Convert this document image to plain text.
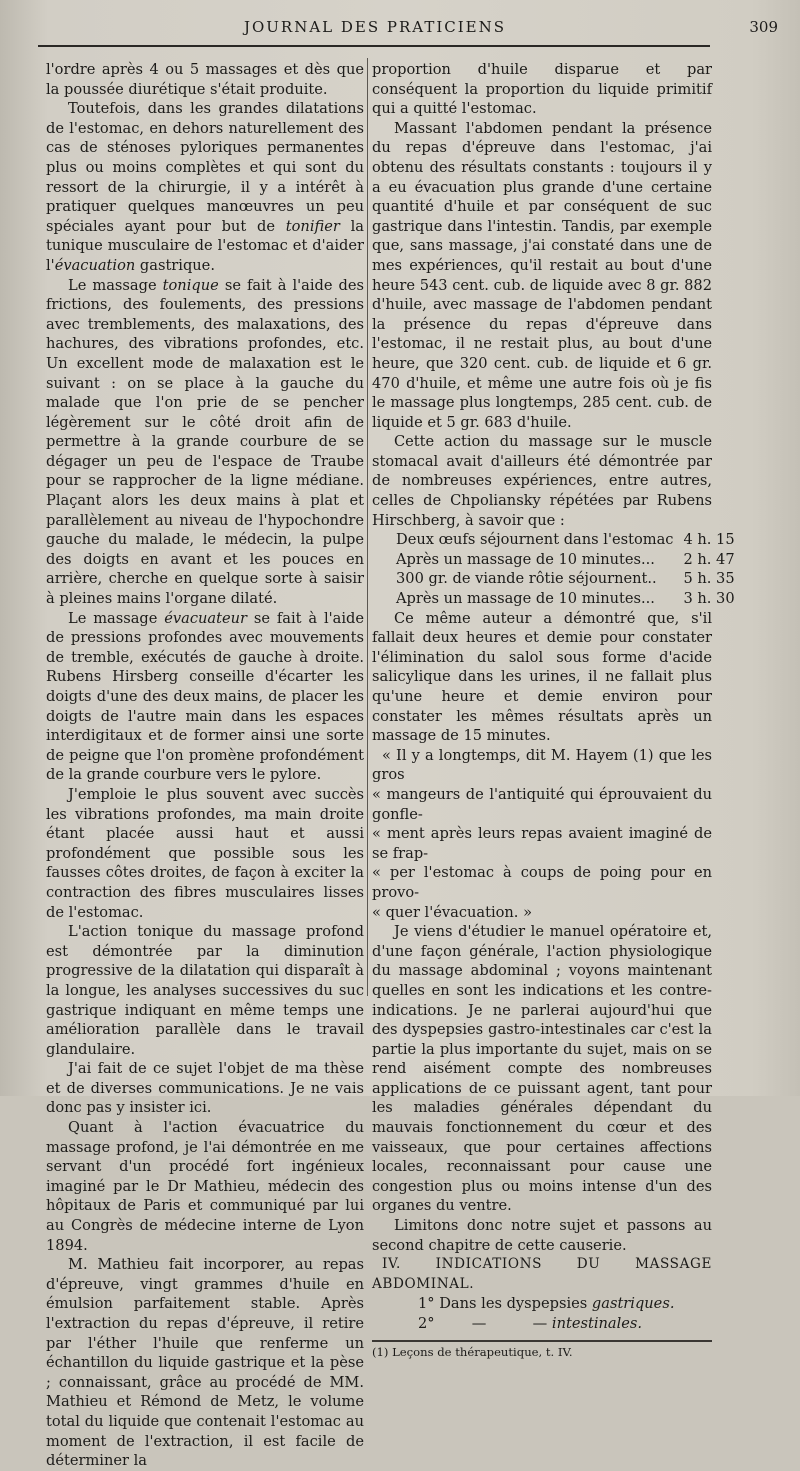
JOURNAL DES PRATICIENS	309

l'ordre après 4 ou 5 massages et dès que la poussée diurétique s'était produite.

Toutefois, dans les grandes dilatations de l'estomac, en dehors naturellement des cas de sténoses pyloriques permanentes plus ou moins complètes et qui sont du ressort de la chirurgie, il y a intérêt à pratiquer quelques manœuvres un peu spéciales ayant pour but de tonifier la tunique musculaire de l'estomac et d'aider l'évacuation gastrique.

Le massage tonique se fait à l'aide des frictions, des foulements, des pressions avec tremblements, des malaxations, des hachures, des vibrations profondes, etc. Un excellent mode de malaxation est le suivant : on se place à la gauche du malade que l'on prie de se pencher légèrement sur le côté droit afin de permettre à la grande courbure de se dégager un peu de l'espace de Traube pour se rapprocher de la ligne médiane. Plaçant alors les deux mains à plat et parallèlement au niveau de l'hypochondre gauche du malade, le médecin, la pulpe des doigts en avant et les pouces en arrière, cherche en quelque sorte à saisir à pleines mains l'organe dilaté.

Le massage évacuateur se fait à l'aide de pressions profondes avec mouvements de tremble, exécutés de gauche à droite. Rubens Hirsberg conseille d'écarter les doigts d'une des deux mains, de placer les doigts de l'autre main dans les espaces interdigitaux et de former ainsi une sorte de peigne que l'on promène profondément de la grande courbure vers le pylore.

J'emploie le plus souvent avec succès les vibrations profondes, ma main droite étant placée aussi haut et aussi profondément que possible sous les fausses côtes droites, de façon à exciter la contraction des fibres musculaires lisses de l'estomac.

L'action tonique du massage profond est démontrée par la diminution progressive de la dilatation qui disparaît à la longue, les analyses successives du suc gastrique indiquant en même temps une amélioration parallèle dans le travail glandulaire.

J'ai fait de ce sujet l'objet de ma thèse et de diverses communications. Je ne vais donc pas y insister ici.

Quant à l'action évacuatrice du massage profond, je l'ai démontrée en me servant d'un procédé fort ingénieux imaginé par le Dr Mathieu, médecin des hôpitaux de Paris et communiqué par lui au Congrès de médecine interne de Lyon 1894.

M. Mathieu fait incorporer, au repas d'épreuve, vingt grammes d'huile en émulsion parfaitement stable. Après l'extraction du repas d'épreuve, il retire par l'éther l'huile que renferme un échantillon du liquide gastrique et la pèse ; connaissant, grâce au procédé de MM. Mathieu et Rémond de Metz, le volume total du liquide que contenait l'estomac au moment de l'extraction, il est facile de déterminer la

proportion d'huile disparue et par conséquent la proportion du liquide primitif qui a quitté l'estomac.

Massant l'abdomen pendant la présence du repas d'épreuve dans l'estomac, j'ai obtenu des résultats constants : toujours il y a eu évacuation plus grande d'une certaine quantité d'huile et par conséquent de suc gastrique dans l'intestin. Tandis, par exemple que, sans massage, j'ai constaté dans une de mes expériences, qu'il restait au bout d'une heure 543 cent. cub. de liquide avec 8 gr. 882 d'huile, avec massage de l'abdomen pendant la présence du repas d'épreuve dans l'estomac, il ne restait plus, au bout d'une heure, que 320 cent. cub. de liquide et 6 gr. 470 d'huile, et même une autre fois où je fis le massage plus longtemps, 285 cent. cub. de liquide et 5 gr. 683 d'huile.

Cette action du massage sur le muscle stomacal avait d'ailleurs été démontrée par de nombreuses expériences, entre autres, celles de Chpoliansky répétées par Rubens Hirschberg, à savoir que :

Deux œufs séjournent dans l'estomac	4 h. 15
Après un massage de 10 minutes...	2 h. 47
300 gr. de viande rôtie séjournent..	5 h. 35
Après un massage de 10 minutes...	3 h. 30

Ce même auteur a démontré que, s'il fallait deux heures et demie pour constater l'élimination du salol sous forme d'acide salicylique dans les urines, il ne fallait plus qu'une heure et demie environ pour constater les mêmes résultats après un massage de 15 minutes.

« Il y a longtemps, dit M. Hayem (1) que les gros

« mangeurs de l'antiquité qui éprouvaient du gonfle-

« ment après leurs repas avaient imaginé de se frap-

« per l'estomac à coups de poing pour en provo-

« quer l'évacuation. »

Je viens d'étudier le manuel opératoire et, d'une façon générale, l'action physiologique du massage abdominal ; voyons maintenant quelles en sont les indications et les contre-indications. Je ne parlerai aujourd'hui que des dyspepsies gastro-intestinales car c'est la partie la plus importante du sujet, mais on se rend aisément compte des nombreuses applications de ce puissant agent, tant pour les maladies générales dépendant du mauvais fonctionnement du cœur et des vaisseaux, que pour certaines affections locales, reconnaissant pour cause une congestion plus ou moins intense d'un des organes du ventre.

Limitons donc notre sujet et passons au second chapitre de cette causerie.

IV. INDICATIONS DU MASSAGE ABDOMINAL.

1° Dans les dyspepsies gastriques.

2°        —          — intestinales.

(1) Leçons de thérapeutique, t. IV.
